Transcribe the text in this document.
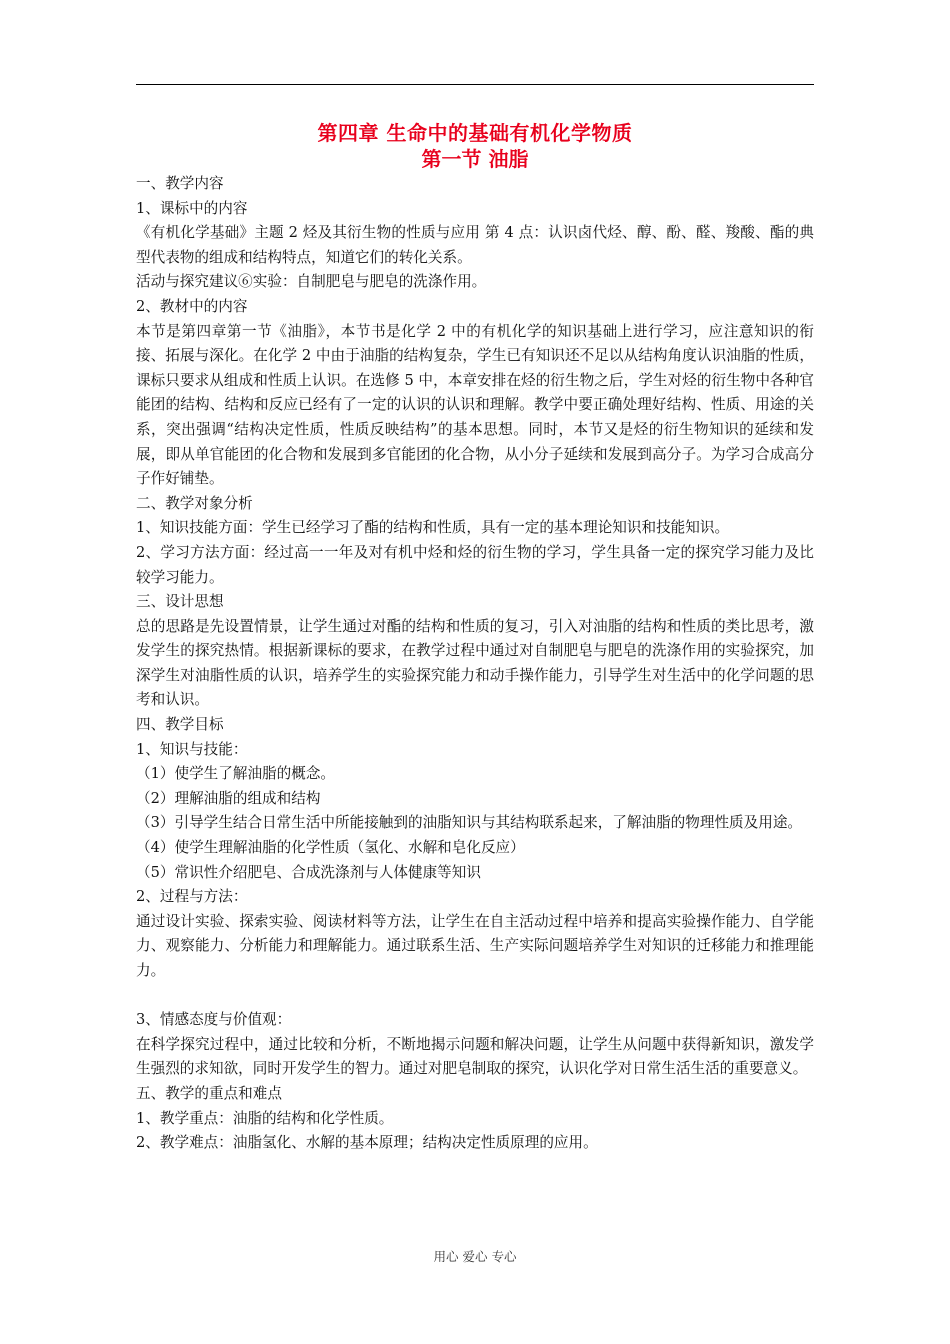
第四章 生命中的基础有机化学物质

第一节 油脂

一、教学内容

1、课标中的内容

《有机化学基础》主题 2 烃及其衍生物的性质与应用 第 4 点：认识卤代烃、醇、酚、醛、羧酸、酯的典型代表物的组成和结构特点，知道它们的转化关系。

活动与探究建议⑥实验：自制肥皂与肥皂的洗涤作用。

2、教材中的内容

本节是第四章第一节《油脂》，本节书是化学 2 中的有机化学的知识基础上进行学习，应注意知识的衔接、拓展与深化。在化学 2 中由于油脂的结构复杂，学生已有知识还不足以从结构角度认识油脂的性质，课标只要求从组成和性质上认识。在选修 5 中，本章安排在烃的衍生物之后，学生对烃的衍生物中各种官能团的结构、结构和反应已经有了一定的认识的认识和理解。教学中要正确处理好结构、性质、用途的关系，突出强调“结构决定性质，性质反映结构”的基本思想。同时，本节又是烃的衍生物知识的延续和发展，即从单官能团的化合物和发展到多官能团的化合物，从小分子延续和发展到高分子。为学习合成高分子作好铺垫。

二、教学对象分析

1、知识技能方面：学生已经学习了酯的结构和性质，具有一定的基本理论知识和技能知识。

2、学习方法方面：经过高一一年及对有机中烃和烃的衍生物的学习，学生具备一定的探究学习能力及比较学习能力。

三、设计思想

总的思路是先设置情景，让学生通过对酯的结构和性质的复习，引入对油脂的结构和性质的类比思考，激发学生的探究热情。根据新课标的要求，在教学过程中通过对自制肥皂与肥皂的洗涤作用的实验探究，加深学生对油脂性质的认识，培养学生的实验探究能力和动手操作能力，引导学生对生活中的化学问题的思考和认识。

四、教学目标

1、知识与技能：

（1）使学生了解油脂的概念。

（2）理解油脂的组成和结构

（3）引导学生结合日常生活中所能接触到的油脂知识与其结构联系起来，了解油脂的物理性质及用途。

（4）使学生理解油脂的化学性质（氢化、水解和皂化反应）

（5）常识性介绍肥皂、合成洗涤剂与人体健康等知识

2、过程与方法：

通过设计实验、探索实验、阅读材料等方法，让学生在自主活动过程中培养和提高实验操作能力、自学能力、观察能力、分析能力和理解能力。通过联系生活、生产实际问题培养学生对知识的迁移能力和推理能力。

3、情感态度与价值观：

在科学探究过程中，通过比较和分析，不断地揭示问题和解决问题，让学生从问题中获得新知识，激发学生强烈的求知欲，同时开发学生的智力。通过对肥皂制取的探究，认识化学对日常生活生活的重要意义。

五、教学的重点和难点

1、教学重点：油脂的结构和化学性质。

2、教学难点：油脂氢化、水解的基本原理；结构决定性质原理的应用。

用心 爱心 专心
